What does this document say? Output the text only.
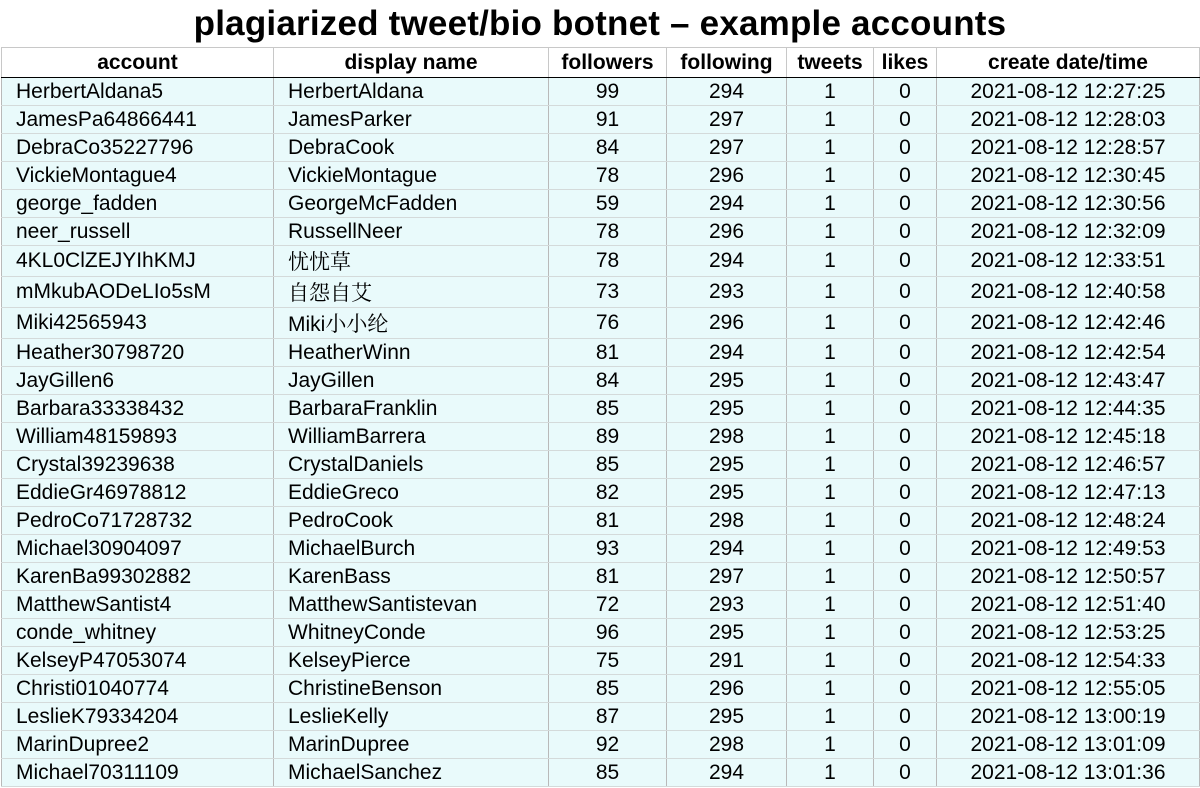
plagiarized tweet/bio botnet – example accounts
account	display name	followers	following	tweets	likes	create date/time
HerbertAldana5	HerbertAldana	99	294	1	0	2021-08-12 12:27:25
JamesPa64866441	JamesParker	91	297	1	0	2021-08-12 12:28:03
DebraCo35227796	DebraCook	84	297	1	0	2021-08-12 12:28:57
VickieMontague4	VickieMontague	78	296	1	0	2021-08-12 12:30:45
george_fadden	GeorgeMcFadden	59	294	1	0	2021-08-12 12:30:56
neer_russell	RussellNeer	78	296	1	0	2021-08-12 12:32:09
4KL0ClZEJYIhKMJ	忧忧草	78	294	1	0	2021-08-12 12:33:51
mMkubAODeLIo5sM	自怨自艾	73	293	1	0	2021-08-12 12:40:58
Miki42565943	Miki小小纶	76	296	1	0	2021-08-12 12:42:46
Heather30798720	HeatherWinn	81	294	1	0	2021-08-12 12:42:54
JayGillen6	JayGillen	84	295	1	0	2021-08-12 12:43:47
Barbara33338432	BarbaraFranklin	85	295	1	0	2021-08-12 12:44:35
William48159893	WilliamBarrera	89	298	1	0	2021-08-12 12:45:18
Crystal39239638	CrystalDaniels	85	295	1	0	2021-08-12 12:46:57
EddieGr46978812	EddieGreco	82	295	1	0	2021-08-12 12:47:13
PedroCo71728732	PedroCook	81	298	1	0	2021-08-12 12:48:24
Michael30904097	MichaelBurch	93	294	1	0	2021-08-12 12:49:53
KarenBa99302882	KarenBass	81	297	1	0	2021-08-12 12:50:57
MatthewSantist4	MatthewSantistevan	72	293	1	0	2021-08-12 12:51:40
conde_whitney	WhitneyConde	96	295	1	0	2021-08-12 12:53:25
KelseyP47053074	KelseyPierce	75	291	1	0	2021-08-12 12:54:33
Christi01040774	ChristineBenson	85	296	1	0	2021-08-12 12:55:05
LeslieK79334204	LeslieKelly	87	295	1	0	2021-08-12 13:00:19
MarinDupree2	MarinDupree	92	298	1	0	2021-08-12 13:01:09
Michael70311109	MichaelSanchez	85	294	1	0	2021-08-12 13:01:36
